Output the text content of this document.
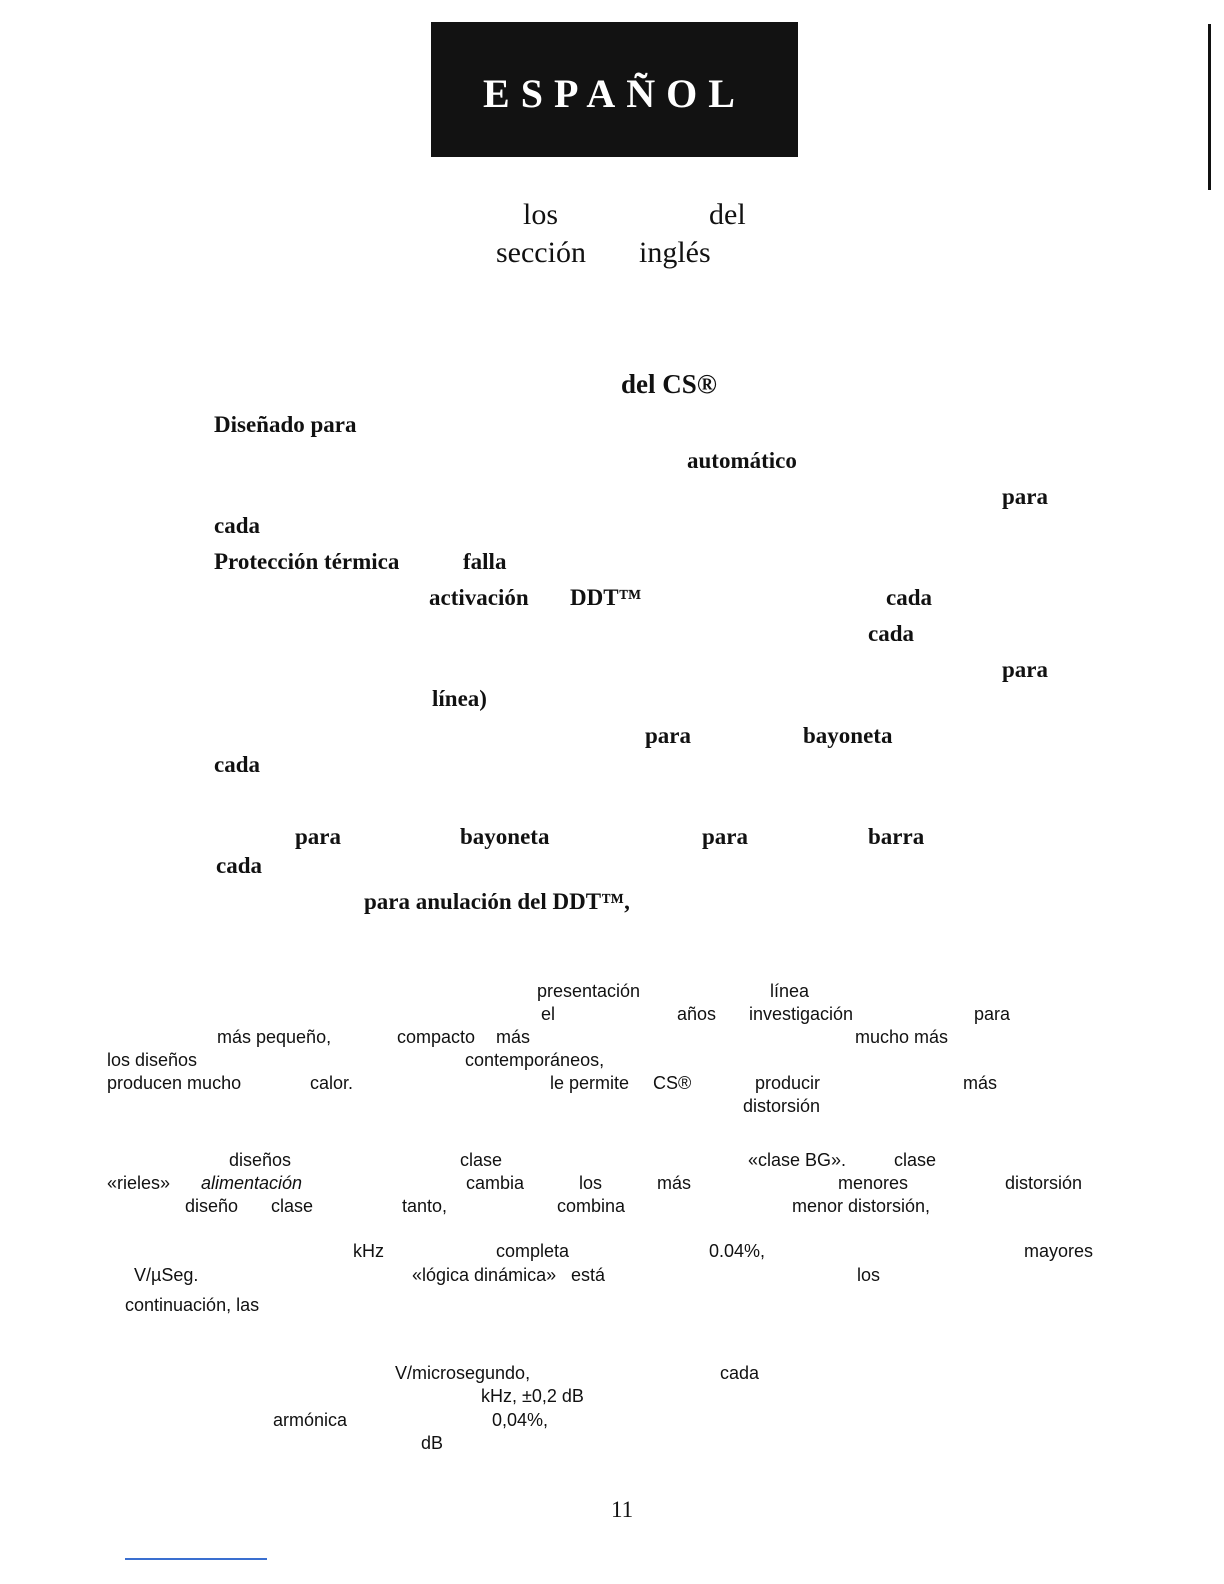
ESPAÑOL
los	del
sección inglés
del CS®
Diseñado para
automático
para
cada
Protección térmica	falla
activación DDT™	cada
cada
para
línea)
para	bayoneta
cada
para	bayoneta	para	barra
cada
para anulación del DDT™,
presentación	línea
el	años investigación	para
más pequeño,	compacto más	mucho más
los diseños	contemporáneos,
producen mucho	calor.	le permite CS®	producir	más
distorsión
diseños	clase	«clase BG».	clase
«rieles» alimentación	cambia	los	más	menores	distorsión
diseño clase	tanto,	combina	menor distorsión,
kHz	completa	0.04%,	mayores
V/µSeg.	«lógica dinámica» está	los
continuación, las
V/microsegundo,	cada
kHz, ±0,2 dB
armónica	0,04%,
dB
11
